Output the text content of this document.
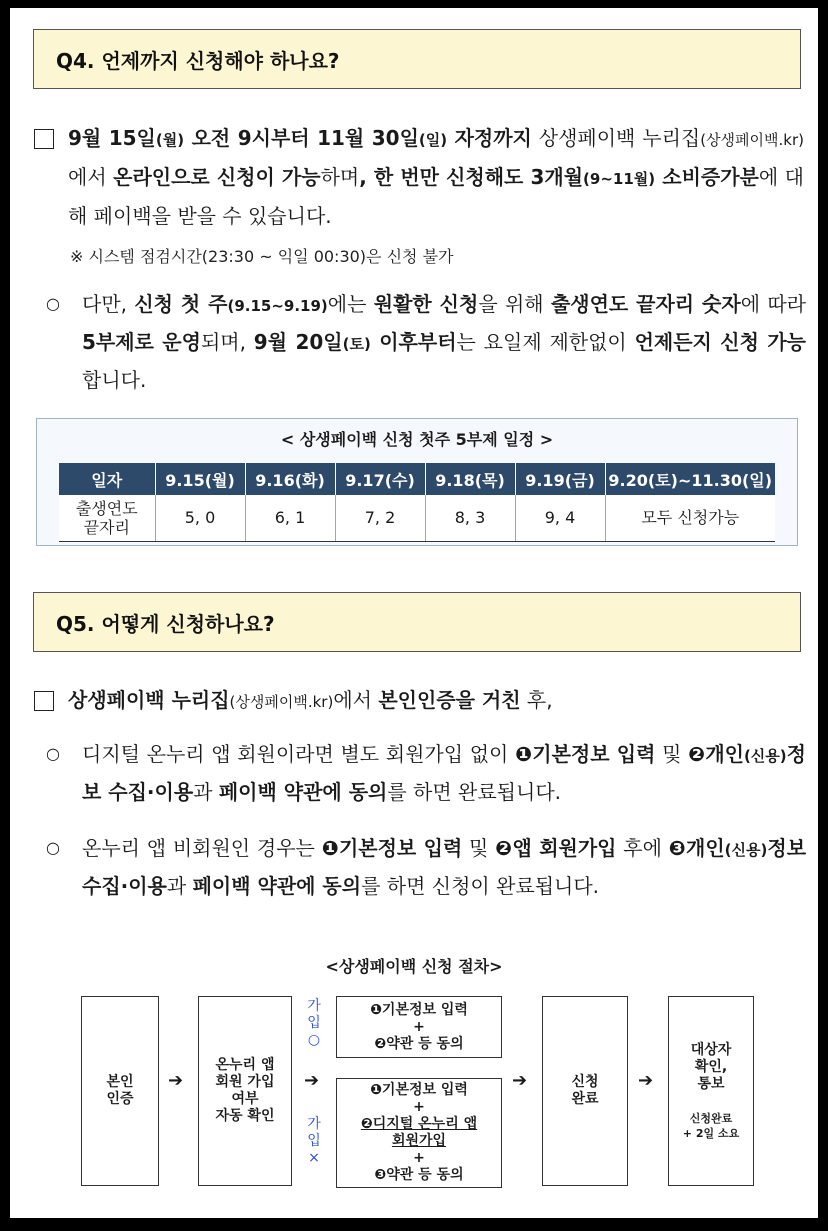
Q4. 언제까지 신청해야 하나요?
9월 15일(월) 오전 9시부터 11월 30일(일) 자정까지 상생페이백 누리집(상생페이백.kr)에서 온라인으로 신청이 가능하며, 한 번만 신청해도 3개월(9~11월) 소비증가분에 대해 페이백을 받을 수 있습니다.
※ 시스템 점검시간(23:30 ~ 익일 00:30)은 신청 불가
○ 다만, 신청 첫 주(9.15~9.19)에는 원활한 신청을 위해 출생연도 끝자리 숫자에 따라 5부제로 운영되며, 9월 20일(토) 이후부터는 요일제 제한없이 언제든지 신청 가능합니다.
< 상생페이백 신청 첫주 5부제 일정 >
일자	9.15(월)	9.16(화)	9.17(수)	9.18(목)	9.19(금)	9.20(토)~11.30(일)
출생연도
끝자리	5, 0	6, 1	7, 2	8, 3	9, 4	모두 신청가능
Q5. 어떻게 신청하나요?
상생페이백 누리집(상생페이백.kr)에서 본인인증을 거친 후,
○ 디지털 온누리 앱 회원이라면 별도 회원가입 없이 ❶기본정보 입력 및 ❷개인(신용)정보 수집·이용과 페이백 약관에 동의를 하면 완료됩니다.
○ 온누리 앱 비회원인 경우는 ❶기본정보 입력 및 ❷앱 회원가입 후에 ❸개인(신용)정보 수집·이용과 페이백 약관에 동의를 하면 신청이 완료됩니다.
<상생페이백 신청 절차>
본인
인증
➔
온누리 앱
회원 가입
여부
자동 확인
➔
가
입
○
가
입
×
❶기본정보 입력
+
❷약관 등 동의
❶기본정보 입력
+
❷디지털 온누리 앱
회원가입
+
❸약관 등 동의
➔	신청
완료
➔
대상자
확인,
통보
신청완료
+ 2일 소요
